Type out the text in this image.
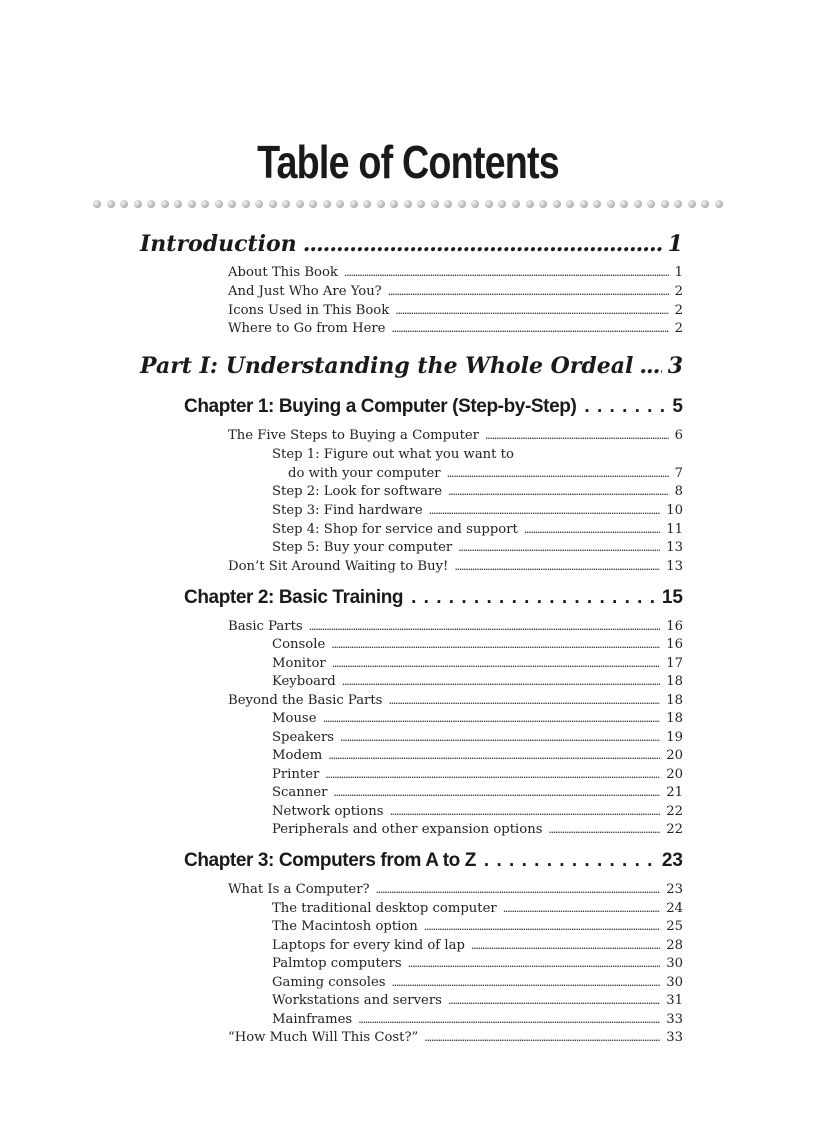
Table of Contents
Introduction .....	1
About This Book .....	1
And Just Who Are You? .....	2
Icons Used in This Book .....	2
Where to Go from Here .....	2
Part I: Understanding the Whole Ordeal ..... 3
Chapter 1: Buying a Computer (Step-by-Step) . . .	5
The Five Steps to Buying a Computer .....	6
Step 1: Figure out what you want to
do with your computer .....	7
Step 2: Look for software .....	8
Step 3: Find hardware .....	10
Step 4: Shop for service and support .....	11
Step 5: Buy your computer .....	13
Don’t Sit Around Waiting to Buy! .....	13
Chapter 2: Basic Training . . .	15
Basic Parts .....	16
Console .....	16
Monitor .....	17
Keyboard .....	18
Beyond the Basic Parts .....	18
Mouse .....	18
Speakers .....	19
Modem .....	20
Printer .....	20
Scanner .....	21
Network options .....	22
Peripherals and other expansion options .....	22
Chapter 3: Computers from A to Z . . .	23
What Is a Computer? .....	23
The traditional desktop computer .....	24
The Macintosh option .....	25
Laptops for every kind of lap .....	28
Palmtop computers .....	30
Gaming consoles .....	30
Workstations and servers .....	31
Mainframes .....	33
“How Much Will This Cost?” .....	33
